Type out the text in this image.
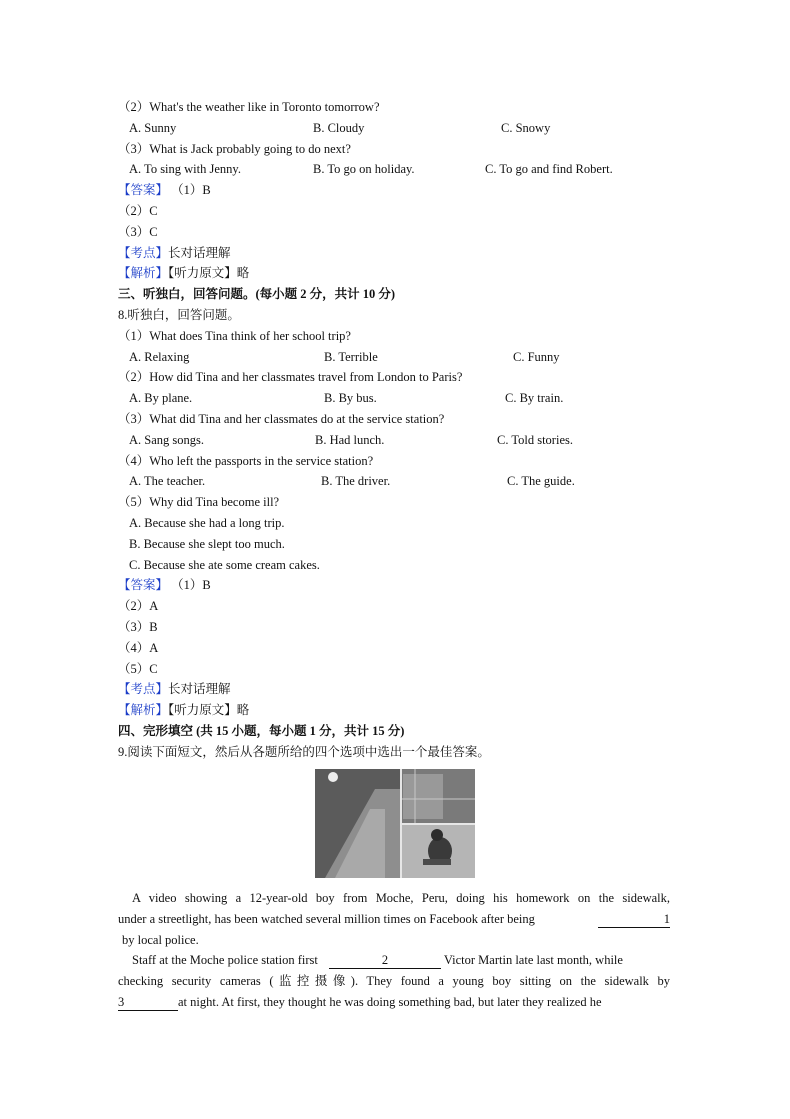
（2）What's the weather like in Toronto tomorrow?
A. Sunny	B. Cloudy	C. Snowy
（3）What is Jack probably going to do next?
A. To sing with Jenny.	B. To go on holiday.	C. To go and find Robert.
【答案】 （1）B
（2）C
（3）C
【考点】长对话理解
【解析】【听力原文】略
三、听独白，回答问题。(每小题 2 分，共计 10 分)
8.听独白，回答问题。
（1）What does Tina think of her school trip?
A. Relaxing	B. Terrible	C. Funny
（2）How did Tina and her classmates travel from London to Paris?
A. By plane.	B. By bus.	C. By train.
（3）What did Tina and her classmates do at the service station?
A. Sang songs.	B. Had lunch.	C. Told stories.
（4）Who left the passports in the service station?
A. The teacher.	B. The driver.	C. The guide.
（5）Why did Tina become ill?
A. Because she had a long trip.
B. Because she slept too much.
C. Because she ate some cream cakes.
【答案】 （1）B
（2）A
（3）B
（4）A
（5）C
【考点】长对话理解
【解析】【听力原文】略
四、完形填空 (共 15 小题，每小题 1 分，共计 15 分)
9.阅读下面短文，然后从各题所给的四个选项中选出一个最佳答案。
A video showing a 12-year-old boy from Moche, Peru, doing his homework on the sidewalk,
under a streetlight, has been watched several million times on Facebook after being	1
by local police.
Staff at the Moche police station first	2	Victor Martin late last month, while
checking security cameras (监控摄像). They found a young boy sitting on the sidewalk by
3	at night. At first, they thought he was doing something bad, but later they realized he
